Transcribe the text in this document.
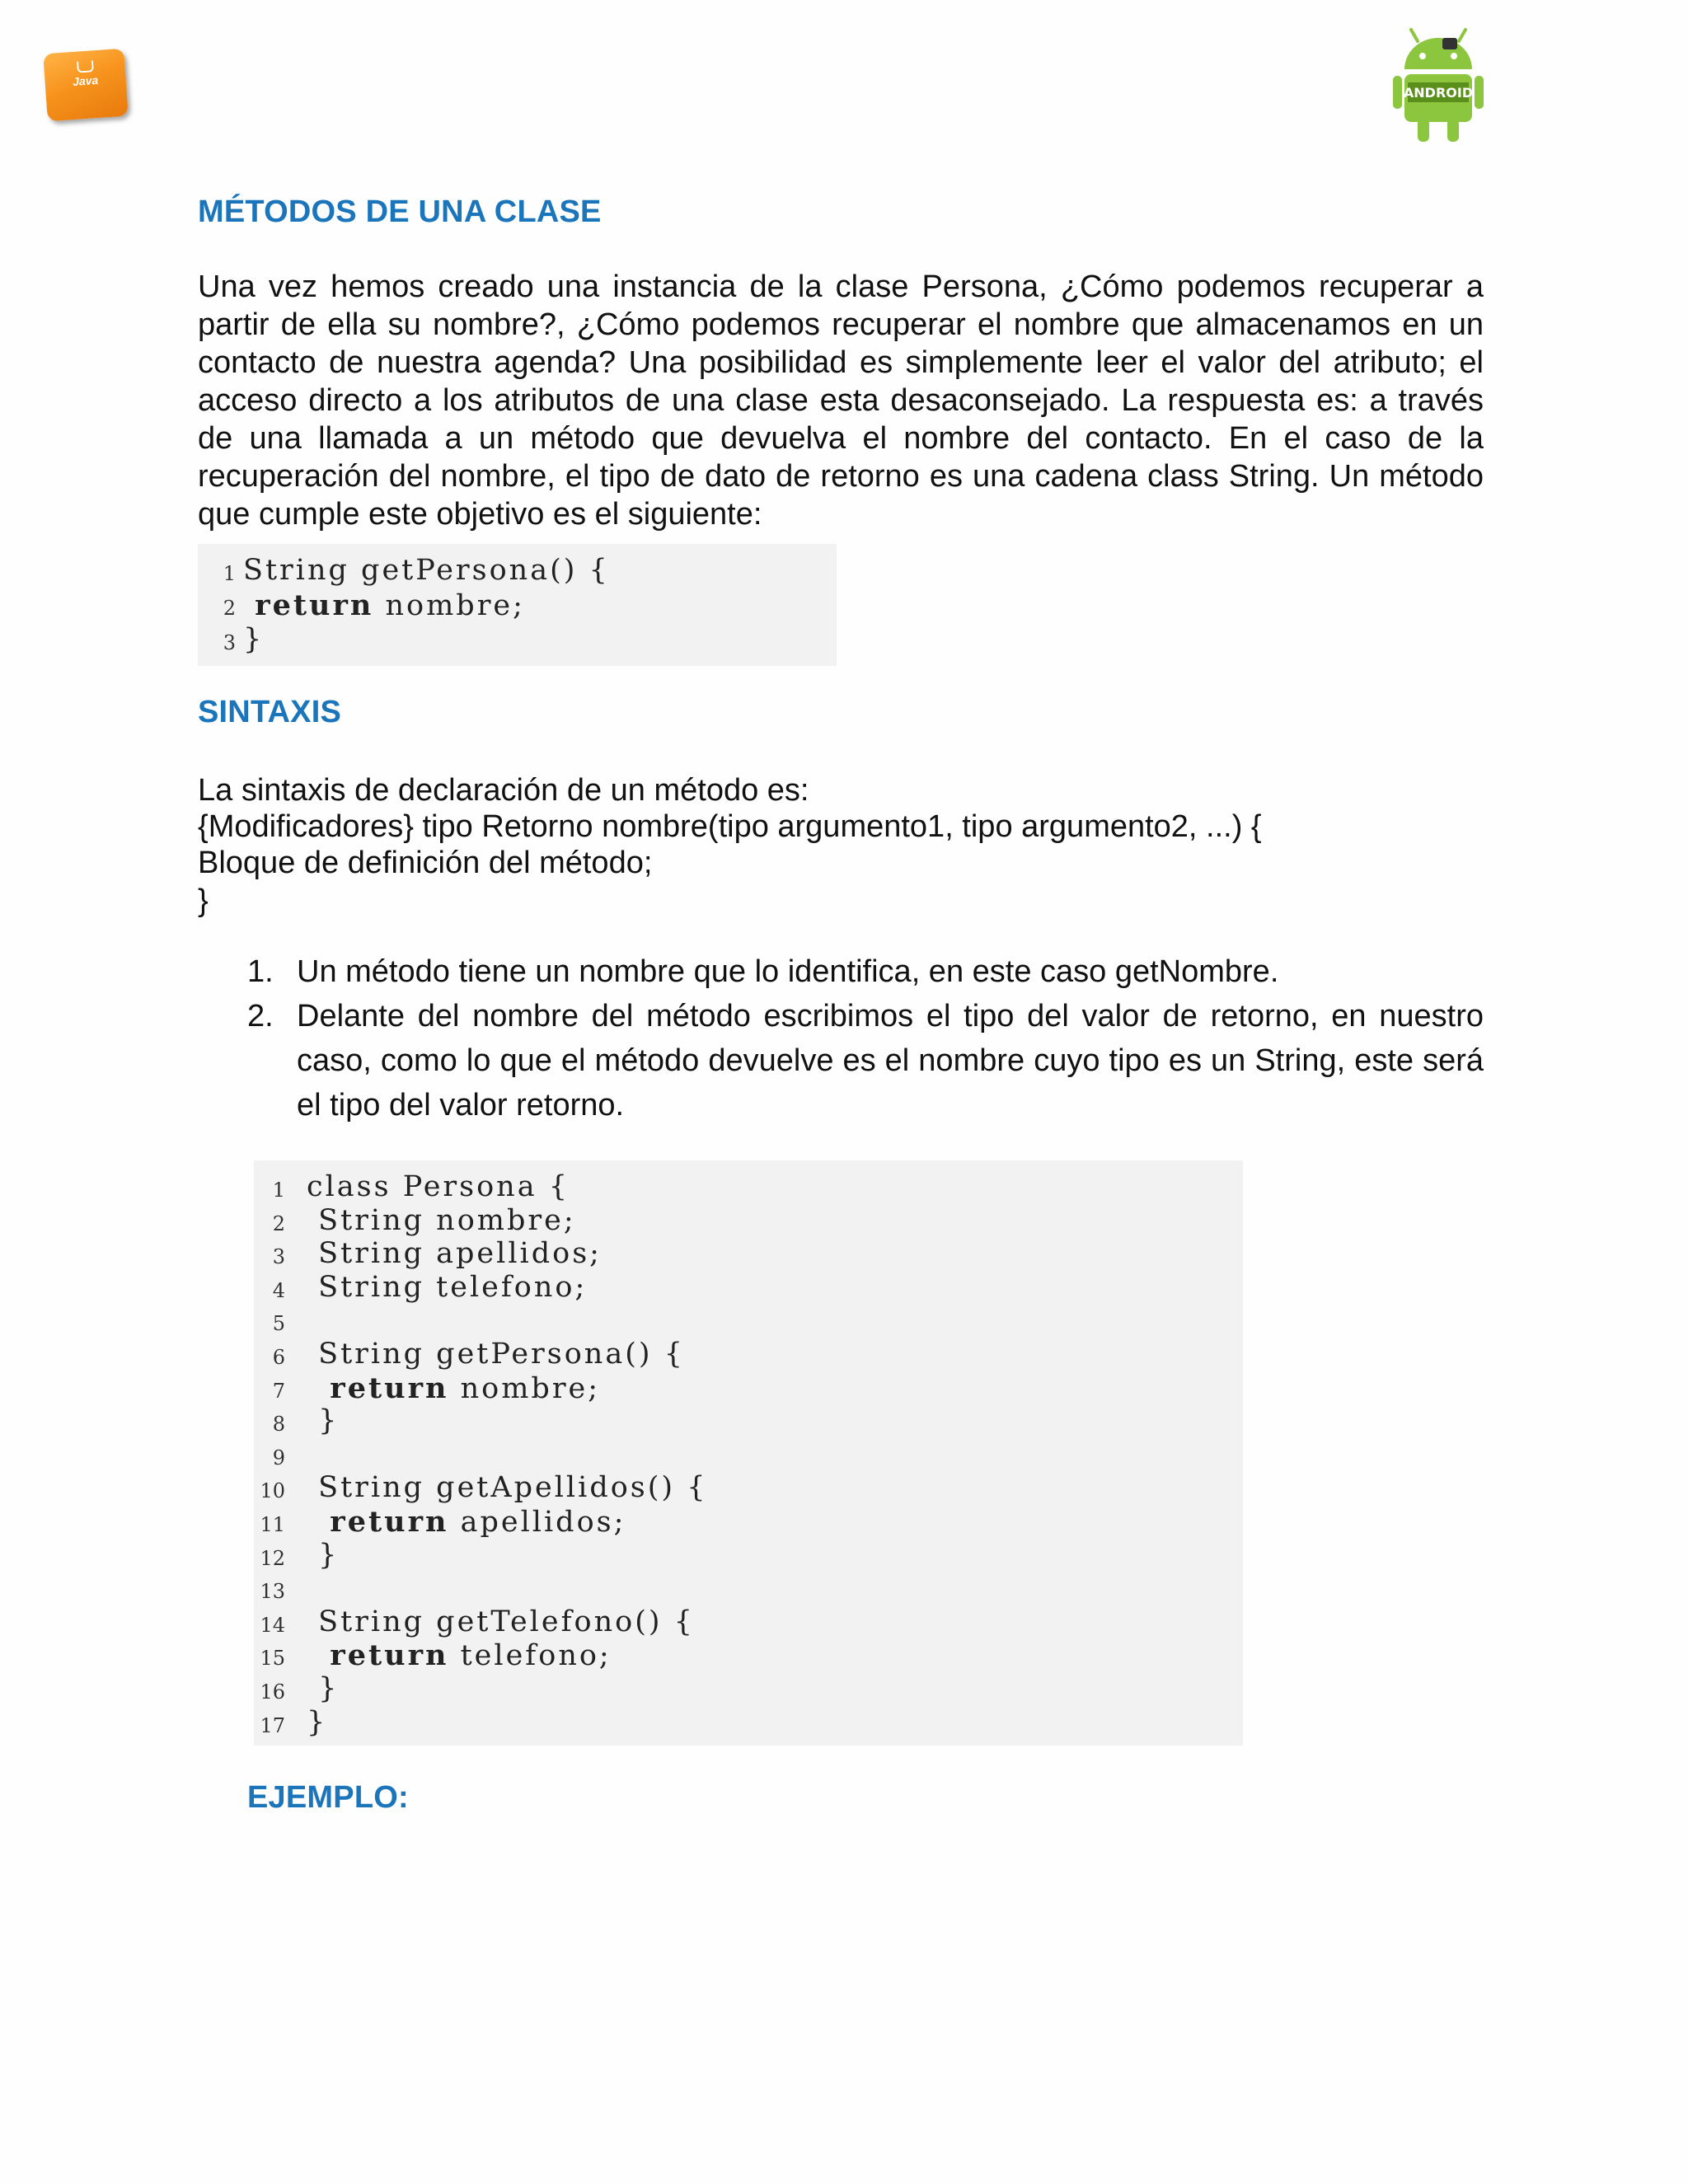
Java
ANDROID
MÉTODOS DE UNA CLASE

Una vez hemos creado una instancia de la clase Persona, ¿Cómo podemos recuperar a partir de ella su nombre?, ¿Cómo podemos recuperar el nombre que almacenamos en un contacto de nuestra agenda? Una posibilidad es simplemente leer el valor del atributo; el acceso directo a los atributos de una clase esta desaconsejado. La respuesta es: a través de una llamada a un método que devuelva el nombre del contacto. En el caso de la recuperación del nombre, el tipo de dato de retorno es una cadena class String. Un método que cumple este objetivo es el siguiente:

1 String getPersona() {
2 return nombre;
3 }
SINTAXIS

La sintaxis de declaración de un método es:

{Modificadores} tipo Retorno nombre(tipo argumento1, tipo argumento2, ...) {

Bloque de definición del método;

}

1. Un método tiene un nombre que lo identifica, en este caso getNombre.
2. Delante del nombre del método escribimos el tipo del valor de retorno, en nuestro caso, como lo que el método devuelve es el nombre cuyo tipo es un String, este será el tipo del valor retorno.
1 class Persona {
2 String nombre;
3 String apellidos;
4 String telefono;
5
6 String getPersona() {
7	return nombre;
8 }
9
10 String getApellidos() {
11	return apellidos;
12 }
13
14 String getTelefono() {
15	return telefono;
16 }
17 }
EJEMPLO:
